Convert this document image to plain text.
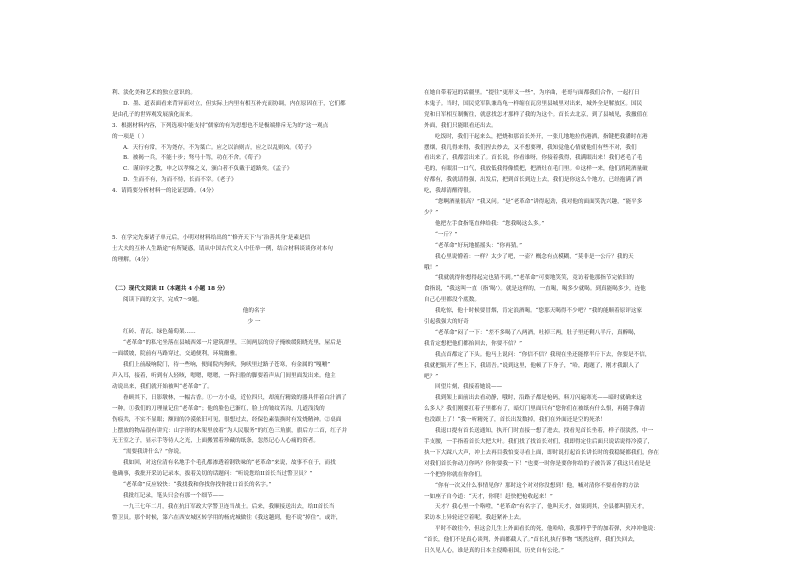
利、淡化美和艺术的独立意识的。

D．墨、道表面看来背异而对立，但实际上内里有相互补充而协调，内在原因在于，它们都

是由孔子的世界观发展演化而来。

3．根据材料内容，下列选项中能支持“儒家的有为思想也不是极端排斥无为的”这一观点

的一项是（ ）

A．天行有常，不为尧存，不为桀亡。应之以治则吉，应之以乱则凶。《荀子》

B．被褐一兵，不能十步；驽马十驾，功在不舍。《荀子》

C．谨庠序之教，申之以孝悌之义，颁白者不负戴于道路矣。《孟子》

D．生而不有，为而不恃，长而不宰。《老子》

4．请简要分析材料一的论证思路。（4分）

5．在学完先秦诸子单元后，小明对材料给出的“‘修齐天下’与‘治善其身’是素是信

士大夫的互补人生路途”有所疑惑，请从中国古代文人中任举一例，结合材料谈谈你对本句

的理解。（4分）

（二）现代文阅读 II（本题共 4 小题 18 分）

阅读下面的文字，完成7～9题。

他的名字

少 一

红砖、青瓦、绿色葡萄架……

“老革命”的私宅坐落在县城西郊一片建筑群里，三间两层的房子掩映缓阳晓光里，屋后是

一面缓坡，院前有马路穿过，交通便利，环境幽雅。

我们上前敲响院门，待一些响，便闻院内狗吠，狗吠里过路子苍寒，有金属的“嘎嘣”

声入耳，接着，听到有人轻咳，嗯嗯，嗯嗯，一阵扫脸的脚要着声从门间里面发出来。他主

动说出来，我们就开始被叫“老革命”了。

眷顾其下，日影墩林，一幅古香。①一方小桌，近位四只，却流行精致的器具伴着白汁洒了

一种。①我们的刀理量记住“老革命”；他的脸色已渐红，脸上的皱纹苦沟，几道浅浅的

伤痕共，不实不显眼；额间的冷漠依旧可见，很想过去，经保色素装换时有发烧精神。②桌面

上摆放的物品很有讲究：山字形的木架里放着“为人民服务”的红色三角旗，旗后方二首，红子并

无王室之子，显示手等待人之光，上面搬置着珍藏的纸条，忽然记心人心痛的资者。

“需要我讲什么？”你说。

我如回，对这位清有名地手个毛孔都渗透着钢铁味的“老革命”来说，故事不在于，而找

他确事，我批开采访记录本，拔着关切的话题问：“听说您给II首长当过警卫员？”

“老革命”反应较快：“我找我和你找你找你批口首长的名字。”

我批红记录，笔头只会有那一个细节——

一九三七年二月，我在抗日军政大学警卫连当战士。后来，我顺接送出去，给II首长当

警卫员。那个时候，第六在西安城区转学用的杨虎城做往《我这趟到，他不说“掉住”。或许，

在她自带着冠的话疆里。“提往”更形义一些”，为序曲，老哥与面都我们合作，一起打日

本鬼子。当时，国民党军队兼岛龟一样缩在瓦房里县城里对出来，城外全是解放区。国民

党和日军相互制衡往，就意找怎才那样了我的为这个。首长去北京，到了县城见，我撤值在

外面，我们只能眼看还出去。

吃饭时，我们干起来么，把烧和那首长外开，一张几地地拉伤港洒，指键把我潘时在港

摆烟，我几得来得，我们捏去炒去，又不想要理，我知觉他心情就他们有些不对，我们

看出来了，我都尝出来了。首长说，你看谁呀，你接着我得，我满眼出来！我们老毛了毛

毛的，有眼泪一口气，我放低我得像慌把，把酒灶在毛门里。©这样一来，他们消耗酒量破

好都有，我就请得强，出发后，把到首长到边上去，我们是你这么个地方，已经抱满了酒

吃，我却清醒得很。

“您啊酒量很高？”我又问。“是“老革命”讲得起劲，我对他的面面笑洗兴趣，“能平多

少？”

他把左手食指笔直伸给我：“您我喝这么多。”

“一斤？”

“老革命”好玩地摇摇头：“你再猜。”

我心里说懵着：一样？太少了吧，一壶？概念有点模糊，“莫非是一公斤？我的天

哦！”

“我就就得你想得起完也猜不到。”“老革命”可要地笑笑，竟访着他那指节完依旧的

食指说，“我这叫一直（指‘喝’）。就是这样的，一直喝，喝多少就喝。到真能喝多少，连他

自己心里都没个底数。

我吃惊，他十时候要冒烟，肯定浪酒喝。“您那天喝得不少吧？”我的能顺着原评这家

引起我强大的好奇

“老革命”闷了一下：“差不多喝了八两酒，吐掉三两，肚子里还剩八半斤，真醉喝，

我肯定想把他们都抬回去，你要不信？”

我点首都定了下头。他马上说问：“你信不信？我现在坐还能撑半斤下去，你要是不信，

我就把瓶开了些上下，我请吾。”说到这里，他顿了下身子，“哈，跑题了，刚才我跟人了

吧？”

回望片刻，我接着她说——

我到架上面前出去看动静，哦时，沿路子都是枪码，料刀闪遍寒光——暗时就确来这

么多人？我们刚要扛着子里都有了，暗灯门里面只有“您你们在被纸有什么恨，再随手像清

也没跟上了！“我一听精死了，首长出发数掉，我们在外面还是空的死杀！

我退口提有首长送通知，执开门时直接一想了进去，找看见首长坐着，样子很淡然，中一

手支腰，一手指着首长大把大叶。我们找了找首长对们，我即得定住后面只说话说得冷漠了，

执一下大踩八大声，冲上去再目我怕变寻看上面，即时说打起首长讲长时的我稳疑都我们，你在

对我们首长你动刀你吗？你你要我一下！”也要一时你是要你你给的子被告诉了我这只看是是

一个把你你就在你你们。

“你有一次又什么事情见你？那时这个对对你没想到！他，喊对清你不要看你的方法

一如座子自今道：“天才，你爬！赶快把枪收起来！”

天才？我心里一个咯噔，“老革命”有名字了，他叫天才，如果到其，全县都叫猜天才，

采访本上异轮还空着呢，我赶紧补上去。

平时不敢往今，但这会儿生上外面看长的死，他哈哈，我那样乎乎的加若弹，火冲冲他说：

“首长，他们不是真心谈判，外面都截人了。”首长扎执行事物 “既然这样，我们失回去，

日久见人心，谁是真的日本主侵略祖国，历史自有公论。”
